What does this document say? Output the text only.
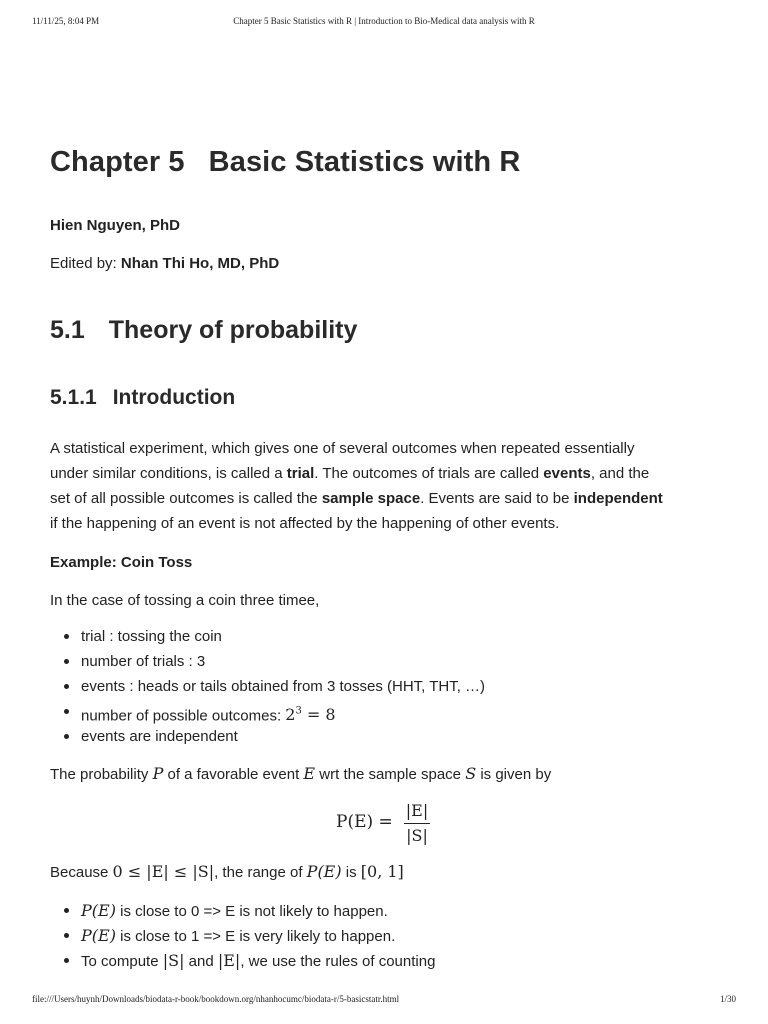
11/11/25, 8:04 PM	Chapter 5 Basic Statistics with R | Introduction to Bio-Medical data analysis with R
Chapter 5 Basic Statistics with R

Hien Nguyen, PhD

Edited by: Nhan Thi Ho, MD, PhD

5.1 Theory of probability
5.1.1 Introduction
A statistical experiment, which gives one of several outcomes when repeated essentially
under similar conditions, is called a trial. The outcomes of trials are called events, and the
set of all possible outcomes is called the sample space. Events are said to be independent
if the happening of an event is not affected by the happening of other events.

Example: Coin Toss

In the case of tossing a coin three timee,

trial : tossing the coin
number of trials : 3
events : heads or tails obtained from 3 tosses (HHT, THT, …)
number of possible outcomes: $2^3 = 8$
events are independent

The probability P of a favorable event E wrt the sample space S is given by

P(E) =
|E|
|S|

Because 0 ≤ |E| ≤ |S|, the range of P(E) is [0, 1]

P(E) is close to 0 => E is not likely to happen.
P(E) is close to 1 => E is very likely to happen.
To compute |S| and |E|, we use the rules of counting
file:///Users/huynh/Downloads/biodata-r-book/bookdown.org/nhanhocumc/biodata-r/5-basicstatr.html	1/30
